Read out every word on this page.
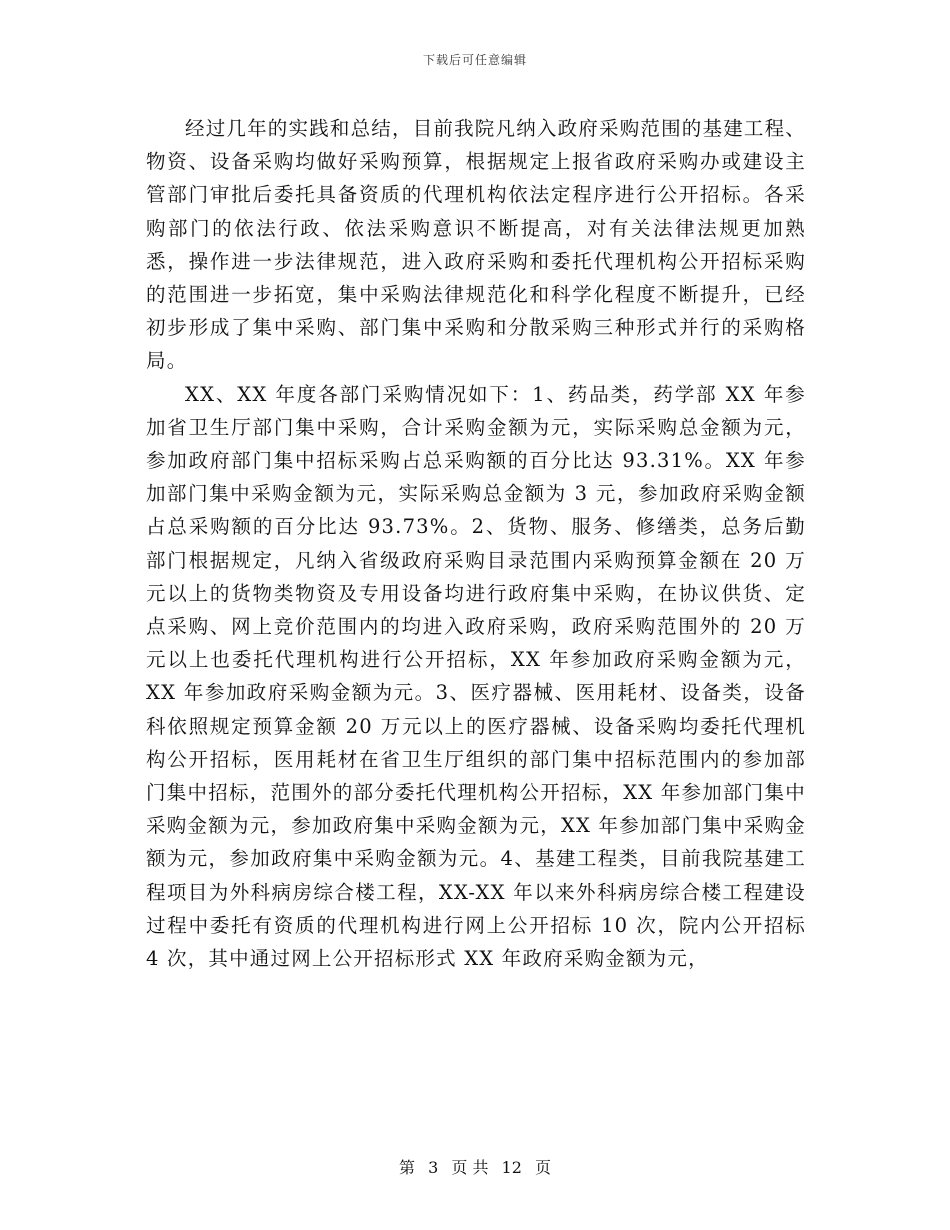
下载后可任意编辑

经过几年的实践和总结，目前我院凡纳入政府采购范围的基建工程、物资、设备采购均做好采购预算，根据规定上报省政府采购办或建设主管部门审批后委托具备资质的代理机构依法定程序进行公开招标。各采购部门的依法行政、依法采购意识不断提高，对有关法律法规更加熟悉，操作进一步法律规范，进入政府采购和委托代理机构公开招标采购的范围进一步拓宽，集中采购法律规范化和科学化程度不断提升，已经初步形成了集中采购、部门集中采购和分散采购三种形式并行的采购格局。

XX、XX 年度各部门采购情况如下：1、药品类，药学部 XX 年参加省卫生厅部门集中采购，合计采购金额为元，实际采购总金额为元，参加政府部门集中招标采购占总采购额的百分比达 93.31%。XX 年参加部门集中采购金额为元，实际采购总金额为 3 元，参加政府采购金额占总采购额的百分比达 93.73%。2、货物、服务、修缮类，总务后勤部门根据规定，凡纳入省级政府采购目录范围内采购预算金额在 20 万元以上的货物类物资及专用设备均进行政府集中采购，在协议供货、定点采购、网上竞价范围内的均进入政府采购，政府采购范围外的 20 万元以上也委托代理机构进行公开招标，XX 年参加政府采购金额为元，XX 年参加政府采购金额为元。3、医疗器械、医用耗材、设备类，设备科依照规定预算金额 20 万元以上的医疗器械、设备采购均委托代理机构公开招标，医用耗材在省卫生厅组织的部门集中招标范围内的参加部门集中招标，范围外的部分委托代理机构公开招标，XX 年参加部门集中采购金额为元，参加政府集中采购金额为元，XX 年参加部门集中采购金额为元，参加政府集中采购金额为元。4、基建工程类，目前我院基建工程项目为外科病房综合楼工程，XX-XX 年以来外科病房综合楼工程建设过程中委托有资质的代理机构进行网上公开招标 10 次，院内公开招标 4 次，其中通过网上公开招标形式 XX 年政府采购金额为元，

第 3 页 共 12 页
